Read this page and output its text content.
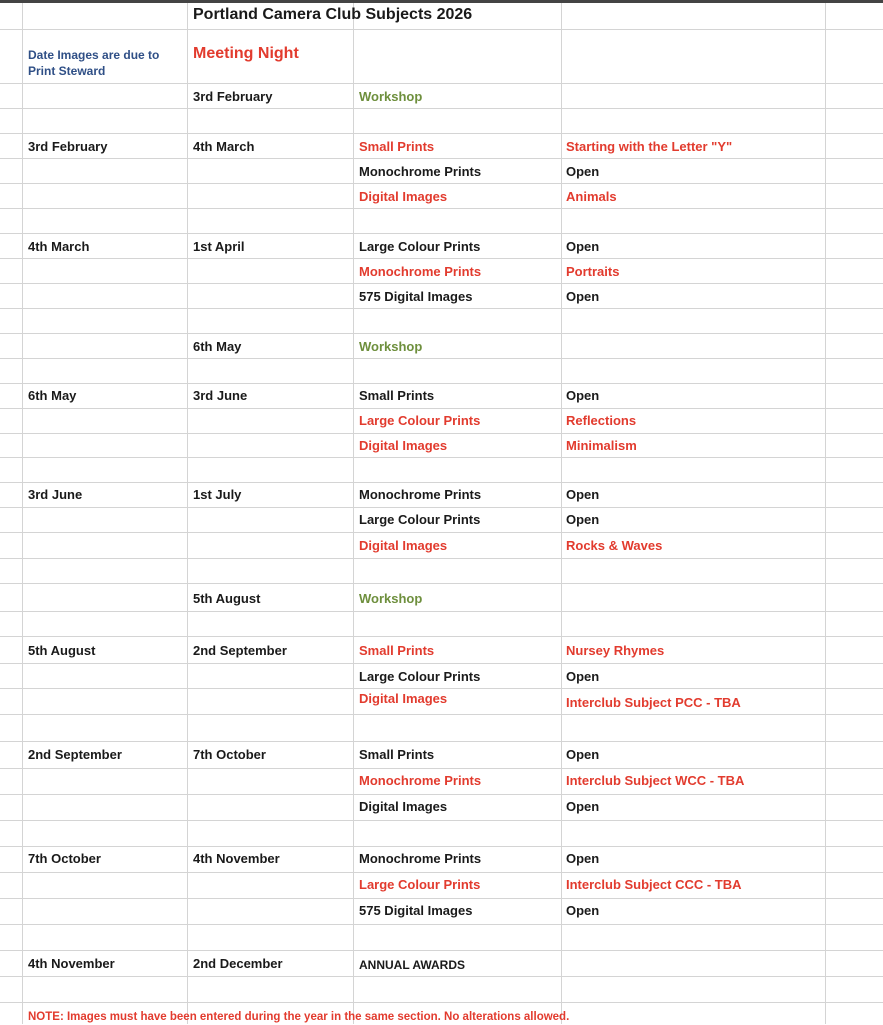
Portland Camera Club Subjects 2026
Date Images are due to Print Steward
Meeting Night
3rd February	Workshop
3rd February	4th March	Small Prints	Starting with the Letter "Y"
Monochrome Prints	Open
Digital Images	Animals
4th March	1st April	Large Colour Prints	Open
Monochrome Prints	Portraits
575 Digital Images	Open
6th May	Workshop
6th May	3rd June	Small Prints	Open
Large Colour Prints	Reflections
Digital Images	Minimalism
3rd June	1st July	Monochrome Prints	Open
Large Colour Prints	Open
Digital Images	Rocks & Waves
5th August	Workshop
5th August	2nd September	Small Prints	Nursey Rhymes
Large Colour Prints	Open
Digital Images	Interclub Subject PCC - TBA
2nd September	7th October	Small Prints	Open
Monochrome Prints	Interclub Subject WCC - TBA
Digital Images	Open
7th October	4th November	Monochrome Prints	Open
Large Colour Prints	Interclub Subject CCC - TBA
575 Digital Images	Open
4th November	2nd December	ANNUAL AWARDS
NOTE: Images must have been entered during the year in the same section. No alterations allowed.
